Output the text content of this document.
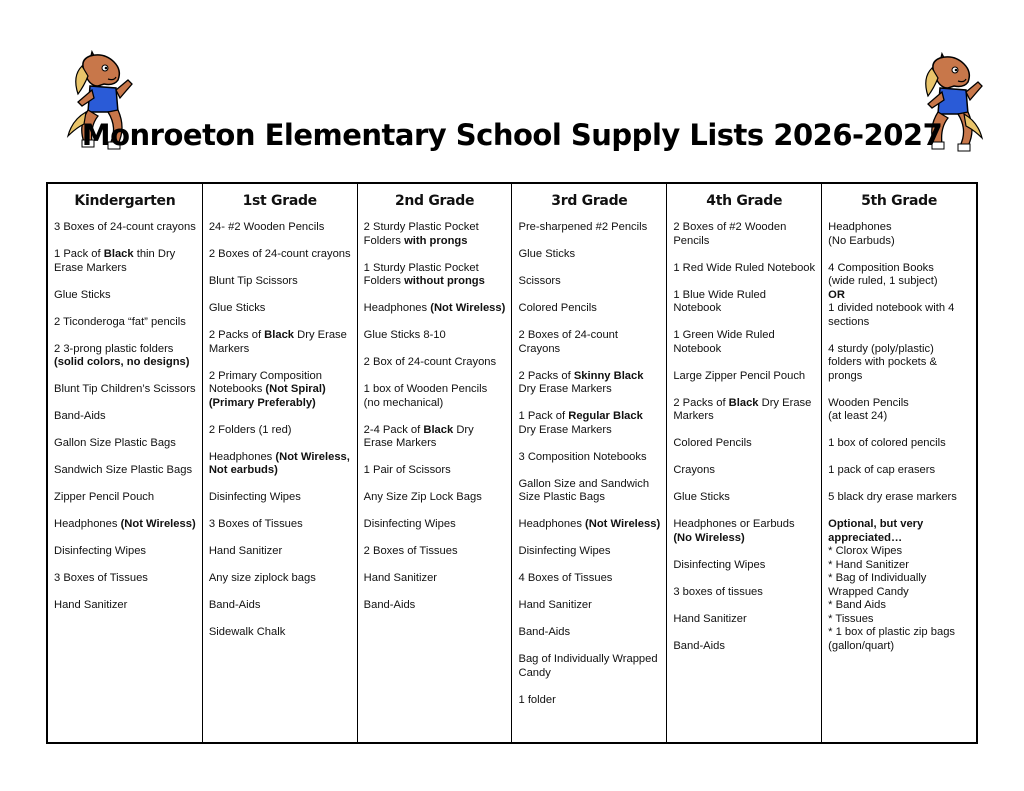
Monroeton Elementary School Supply Lists 2026-2027
Kindergarten
3 Boxes of 24-count crayons
1 Pack of Black thin Dry Erase Markers
Glue Sticks
2 Ticonderoga “fat” pencils
2 3-prong plastic folders (solid colors, no designs)
Blunt Tip Children’s Scissors
Band-Aids
Gallon Size Plastic Bags
Sandwich Size Plastic Bags
Zipper Pencil Pouch
Headphones (Not Wireless)
Disinfecting Wipes
3 Boxes of Tissues
Hand Sanitizer
1st Grade
24- #2 Wooden Pencils
2 Boxes of 24-count crayons
Blunt Tip Scissors
Glue Sticks
2 Packs of Black Dry Erase Markers
2 Primary Composition Notebooks (Not Spiral) (Primary Preferably)
2 Folders (1 red)
Headphones (Not Wireless, Not earbuds)
Disinfecting Wipes
3 Boxes of Tissues
Hand Sanitizer
Any size ziplock bags
Band-Aids
Sidewalk Chalk
2nd Grade
2 Sturdy Plastic Pocket Folders with prongs
1 Sturdy Plastic Pocket Folders without prongs
Headphones (Not Wireless)
Glue Sticks 8-10
2 Box of 24-count Crayons
1 box of Wooden Pencils (no mechanical)
2-4 Pack of Black Dry Erase Markers
1 Pair of Scissors
Any Size Zip Lock Bags
Disinfecting Wipes
2 Boxes of Tissues
Hand Sanitizer
Band-Aids
3rd Grade
Pre-sharpened #2 Pencils
Glue Sticks
Scissors
Colored Pencils
2 Boxes of 24-count Crayons
2 Packs of Skinny Black Dry Erase Markers
1 Pack of Regular Black Dry Erase Markers
3 Composition Notebooks
Gallon Size and Sandwich Size Plastic Bags
Headphones (Not Wireless)
Disinfecting Wipes
4 Boxes of Tissues
Hand Sanitizer
Band-Aids
Bag of Individually Wrapped Candy
1 folder
4th Grade
2 Boxes of #2 Wooden Pencils
1 Red Wide Ruled Notebook
1 Blue Wide Ruled Notebook
1 Green Wide Ruled Notebook
Large Zipper Pencil Pouch
2 Packs of Black Dry Erase Markers
Colored Pencils
Crayons
Glue Sticks
Headphones or Earbuds (No Wireless)
Disinfecting Wipes
3 boxes of tissues
Hand Sanitizer
Band-Aids
5th Grade
Headphones
(No Earbuds)
4 Composition Books
(wide ruled, 1 subject)
OR
1 divided notebook with 4 sections
4 sturdy (poly/plastic) folders with pockets & prongs
Wooden Pencils
(at least 24)
1 box of colored pencils
1 pack of cap erasers
5 black dry erase markers
Optional, but very appreciated…
* Clorox Wipes
* Hand Sanitizer
* Bag of Individually Wrapped Candy
* Band Aids
* Tissues
* 1 box of plastic zip bags (gallon/quart)
